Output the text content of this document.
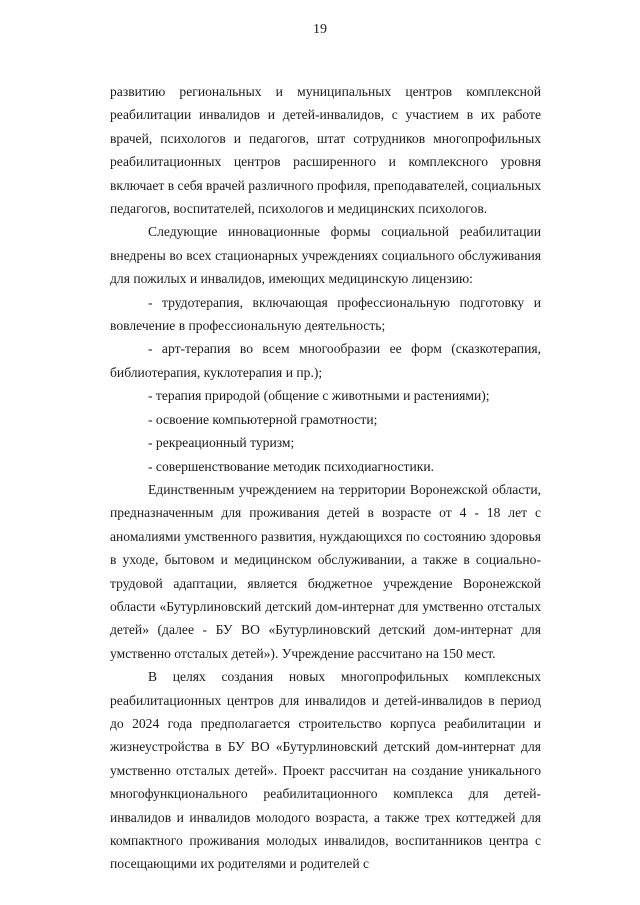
19

развитию региональных и муниципальных центров комплексной реабилитации инвалидов и детей-инвалидов, с участием в их работе врачей, психологов и педагогов, штат сотрудников многопрофильных реабилитационных центров расширенного и комплексного уровня включает в себя врачей различного профиля, преподавателей, социальных педагогов, воспитателей, психологов и медицинских психологов.

Следующие инновационные формы социальной реабилитации внедрены во всех стационарных учреждениях социального обслуживания для пожилых и инвалидов, имеющих медицинскую лицензию:

- трудотерапия, включающая профессиональную подготовку и вовлечение в профессиональную деятельность;

- арт-терапия во всем многообразии ее форм (сказкотерапия, библиотерапия, куклотерапия и пр.);

- терапия природой (общение с животными и растениями);

- освоение компьютерной грамотности;

- рекреационный туризм;

- совершенствование методик психодиагностики.

Единственным учреждением на территории Воронежской области, предназначенным для проживания детей в возрасте от 4 - 18 лет с аномалиями умственного развития, нуждающихся по состоянию здоровья в уходе, бытовом и медицинском обслуживании, а также в социально-трудовой адаптации, является бюджетное учреждение Воронежской области «Бутурлиновский детский дом-интернат для умственно отсталых детей» (далее - БУ ВО «Бутурлиновский детский дом-интернат для умственно отсталых детей»). Учреждение рассчитано на 150 мест.

В целях создания новых многопрофильных комплексных реабилитационных центров для инвалидов и детей-инвалидов в период до 2024 года предполагается строительство корпуса реабилитации и жизнеустройства в БУ ВО «Бутурлиновский детский дом-интернат для умственно отсталых детей». Проект рассчитан на создание уникального многофункционального реабилитационного комплекса для детей-инвалидов и инвалидов молодого возраста, а также трех коттеджей для компактного проживания молодых инвалидов, воспитанников центра с посещающими их родителями и родителей с
